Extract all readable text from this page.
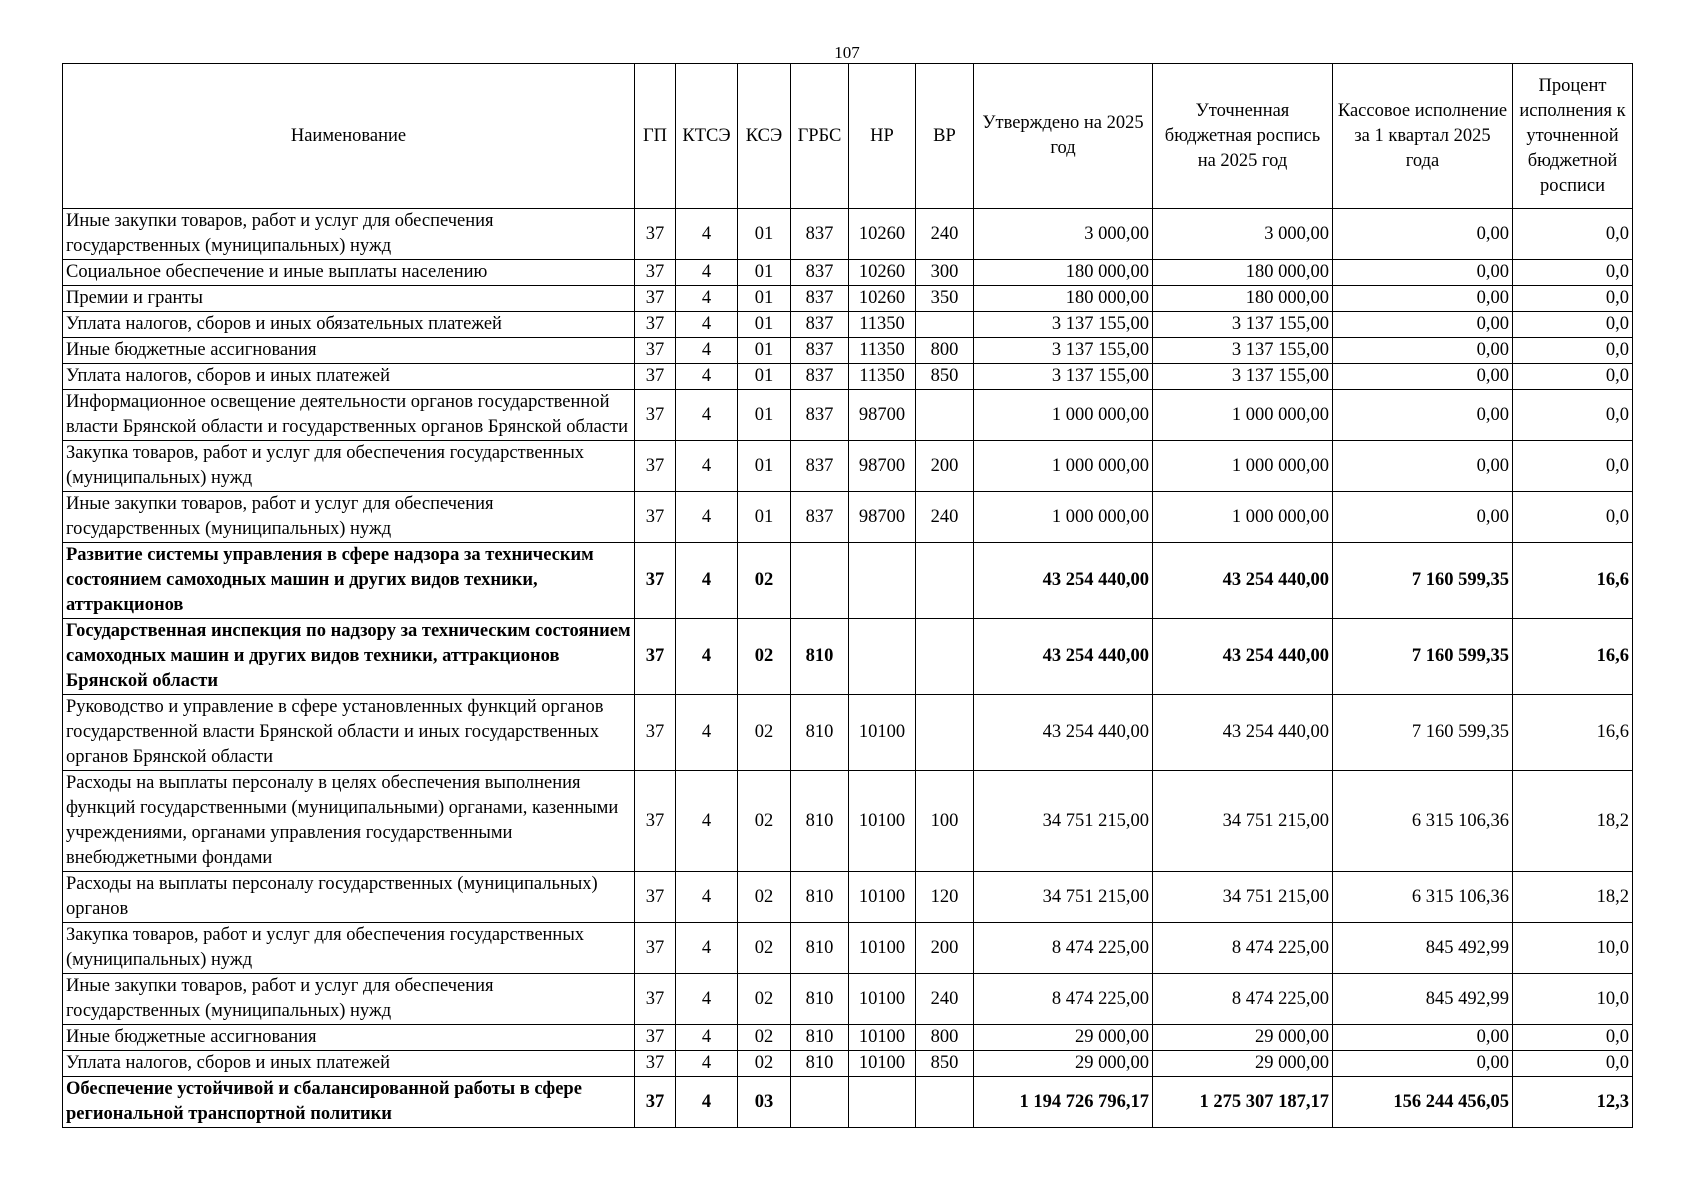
107
Наименование	ГП	КТСЭ	КСЭ	ГРБС	НР	ВР	Утверждено на 2025 год	Уточненная бюджетная роспись на 2025 год	Кассовое исполнение за 1 квартал 2025 года	Процент исполнения к уточненной бюджетной росписи
Иные закупки товаров, работ и услуг для обеспечения государственных (муниципальных) нужд	37	4	01	837	10260	240	3 000,00	3 000,00	0,00	0,0
Социальное обеспечение и иные выплаты населению	37	4	01	837	10260	300	180 000,00	180 000,00	0,00	0,0
Премии и гранты	37	4	01	837	10260	350	180 000,00	180 000,00	0,00	0,0
Уплата налогов, сборов и иных обязательных платежей	37	4	01	837	11350		3 137 155,00	3 137 155,00	0,00	0,0
Иные бюджетные ассигнования	37	4	01	837	11350	800	3 137 155,00	3 137 155,00	0,00	0,0
Уплата налогов, сборов и иных платежей	37	4	01	837	11350	850	3 137 155,00	3 137 155,00	0,00	0,0
Информационное освещение деятельности органов государственной власти Брянской области и государственных органов Брянской области	37	4	01	837	98700		1 000 000,00	1 000 000,00	0,00	0,0
Закупка товаров, работ и услуг для обеспечения государственных (муниципальных) нужд	37	4	01	837	98700	200	1 000 000,00	1 000 000,00	0,00	0,0
Иные закупки товаров, работ и услуг для обеспечения государственных (муниципальных) нужд	37	4	01	837	98700	240	1 000 000,00	1 000 000,00	0,00	0,0
Развитие системы управления в сфере надзора за техническим состоянием самоходных машин и других видов техники, аттракционов	37	4	02				43 254 440,00	43 254 440,00	7 160 599,35	16,6
Государственная инспекция по надзору за техническим состоянием самоходных машин и других видов техники, аттракционов Брянской области	37	4	02	810			43 254 440,00	43 254 440,00	7 160 599,35	16,6
Руководство и управление в сфере установленных функций органов государственной власти Брянской области и иных государственных органов Брянской области	37	4	02	810	10100		43 254 440,00	43 254 440,00	7 160 599,35	16,6
Расходы на выплаты персоналу в целях обеспечения выполнения функций государственными (муниципальными) органами, казенными учреждениями, органами управления государственными внебюджетными фондами	37	4	02	810	10100	100	34 751 215,00	34 751 215,00	6 315 106,36	18,2
Расходы на выплаты персоналу государственных (муниципальных) органов	37	4	02	810	10100	120	34 751 215,00	34 751 215,00	6 315 106,36	18,2
Закупка товаров, работ и услуг для обеспечения государственных (муниципальных) нужд	37	4	02	810	10100	200	8 474 225,00	8 474 225,00	845 492,99	10,0
Иные закупки товаров, работ и услуг для обеспечения государственных (муниципальных) нужд	37	4	02	810	10100	240	8 474 225,00	8 474 225,00	845 492,99	10,0
Иные бюджетные ассигнования	37	4	02	810	10100	800	29 000,00	29 000,00	0,00	0,0
Уплата налогов, сборов и иных платежей	37	4	02	810	10100	850	29 000,00	29 000,00	0,00	0,0
Обеспечение устойчивой и сбалансированной работы в сфере региональной транспортной политики	37	4	03				1 194 726 796,17	1 275 307 187,17	156 244 456,05	12,3
